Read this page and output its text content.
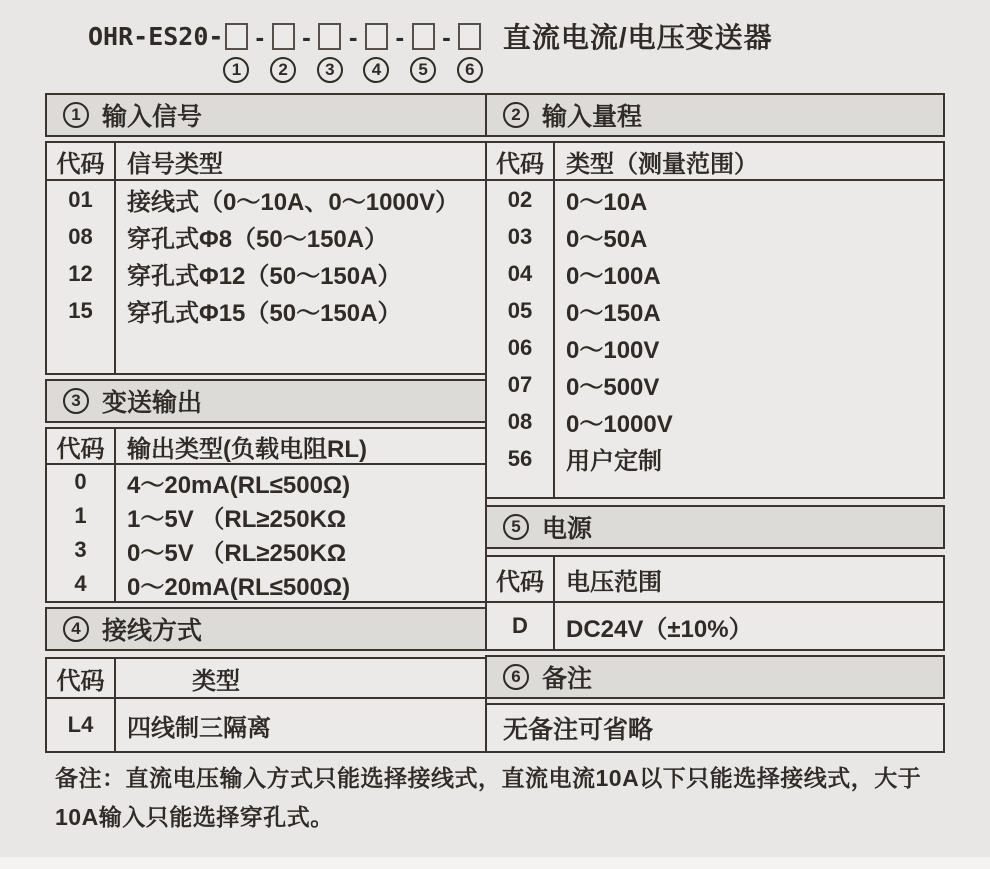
OHR-ES20-
1
-
2
-
3
-
4
-
5
-
6
直流电流/电压变送器
1 输入信号
代码 信号类型
01	接线式（0～10A、0～1000V）
08	穿孔式Φ8（50～150A）
12	穿孔式Φ12（50～150A）
15	穿孔式Φ15（50～150A）
3 变送输出
代码 输出类型(负载电阻RL)
0	4～20mA(RL≤500Ω)
1	1～5V （RL≥250KΩ
3	0～5V （RL≥250KΩ
4	0～20mA(RL≤500Ω)
4 接线方式
代码	类型
L4	四线制三隔离
2 输入量程
代码 类型（测量范围）
02	0～10A
03	0～50A
04	0～100A
05	0～150A
06	0～100V
07	0～500V
08	0～1000V
56	用户定制
5 电源
代码 电压范围
D	DC24V（±10%）
6 备注
无备注可省略
备注：直流电压输入方式只能选择接线式，直流电流10A以下只能选择接线式，大于
10A输入只能选择穿孔式。
